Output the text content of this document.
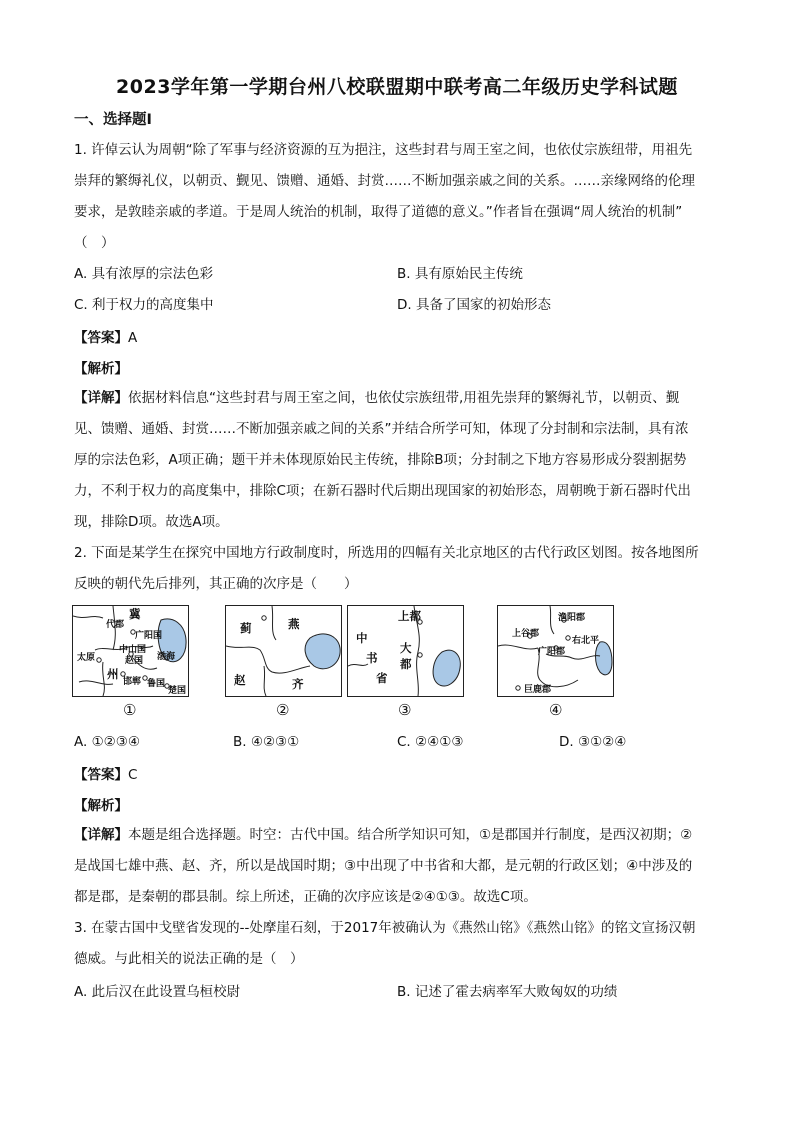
2023学年第一学期台州八校联盟期中联考高二年级历史学科试题
一、选择题Ⅰ
1. 许倬云认为周朝“除了军事与经济资源的互为挹注，这些封君与周王室之间，也依仗宗族纽带，用祖先
崇拜的繁缛礼仪，以朝贡、觐见、馈赠、通婚、封赏……不断加强亲戚之间的关系。……亲缘网络的伦理
要求，是敦睦亲戚的孝道。于是周人统治的机制，取得了道德的意义。”作者旨在强调“周人统治的机制”
（　）
A. 具有浓厚的宗法色彩	B. 具有原始民主传统
C. 利于权力的高度集中	D. 具备了国家的初始形态
【答案】A
【解析】
【详解】依据材料信息“这些封君与周王室之间，也依仗宗族纽带,用祖先崇拜的繁缛礼节，以朝贡、觐
见、馈赠、通婚、封赏……不断加强亲戚之间的关系”并结合所学可知，体现了分封制和宗法制，具有浓
厚的宗法色彩，A项正确；题干并未体现原始民主传统，排除B项；分封制之下地方容易形成分裂割据势
力，不利于权力的高度集中，排除C项；在新石器时代后期出现国家的初始形态，周朝晚于新石器时代出
现，排除D项。故选A项。
2. 下面是某学生在探究中国地方行政制度时，所选用的四幅有关北京地区的古代行政区划图。按各地图所
反映的朝代先后排列，其正确的次序是（　　）
冀
代郡
广阳国
中山国
赵国 渤海
太原
州
邯郸 鲁国
楚国
①
蓟	燕
赵	齐
②
上都
中
书
省
大
都
③
渔阳郡
上谷郡
右北平
广阳郡
巨鹿郡
④
A. ①②③④	B. ④②③①	C. ②④①③	D. ③①②④
【答案】C
【解析】
【详解】本题是组合选择题。时空：古代中国。结合所学知识可知，①是郡国并行制度，是西汉初期；②
是战国七雄中燕、赵、齐，所以是战国时期；③中出现了中书省和大都，是元朝的行政区划；④中涉及的
都是郡，是秦朝的郡县制。综上所述，正确的次序应该是②④①③。故选C项。
3. 在蒙古国中戈壁省发现的--处摩崖石刻，于2017年被确认为《燕然山铭》《燕然山铭》的铭文宣扬汉朝
德威。与此相关的说法正确的是（　）
A. 此后汉在此设置乌桓校尉	B. 记述了霍去病率军大败匈奴的功绩
